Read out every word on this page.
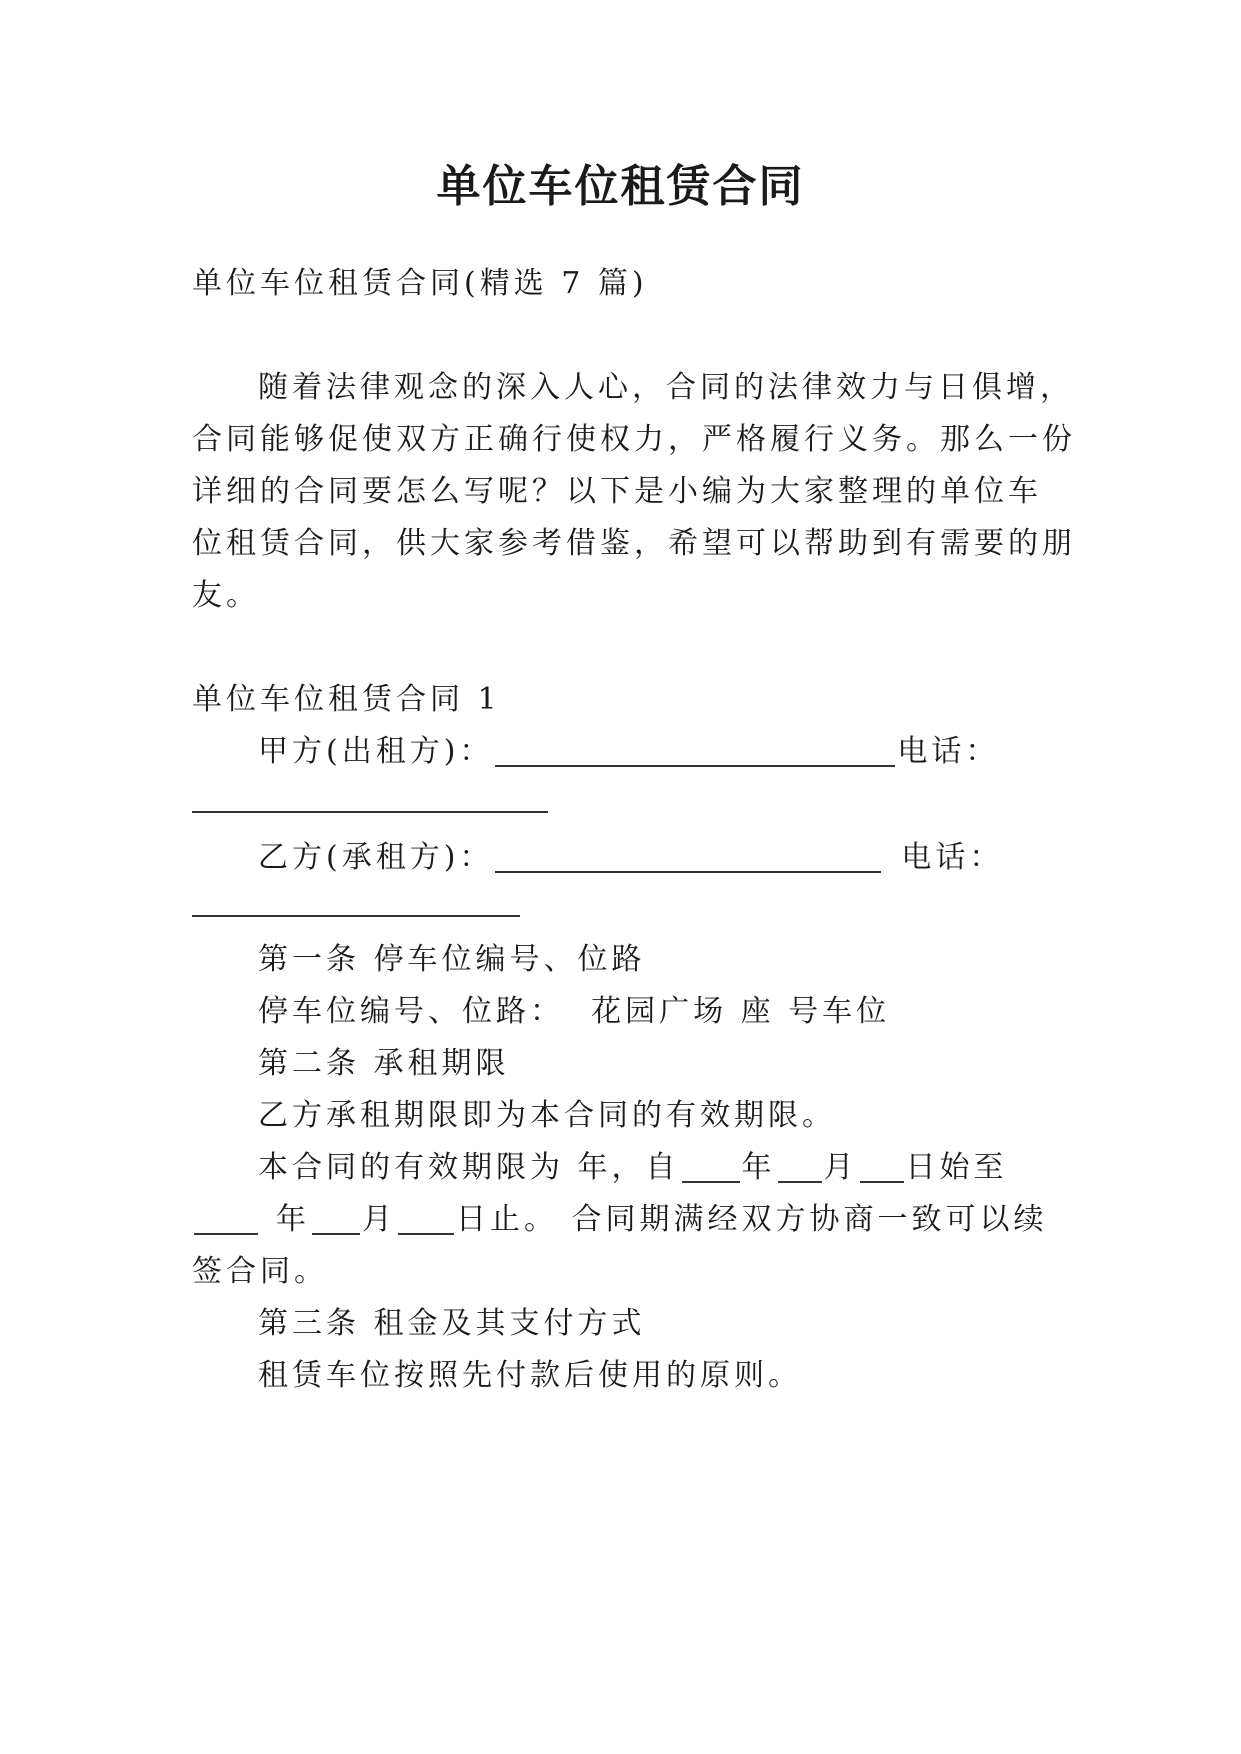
单位车位租赁合同

单位车位租赁合同(精选 7 篇)

随着法律观念的深入人心，合同的法律效力与日俱增，

合同能够促使双方正确行使权力，严格履行义务。那么一份

详细的合同要怎么写呢？以下是小编为大家整理的单位车

位租赁合同，供大家参考借鉴，希望可以帮助到有需要的朋

友。

单位车位租赁合同 1

甲方(出租方)：	电话：

乙方(承租方)：	电话：

第一条 停车位编号、位路

停车位编号、位路： 花园广场 座 号车位

第二条 承租期限

乙方承租期限即为本合同的有效期限。

本合同的有效期限为 年，自 年 月 日始至

年 月 日止。 合同期满经双方协商一致可以续

签合同。

第三条 租金及其支付方式

租赁车位按照先付款后使用的原则。
